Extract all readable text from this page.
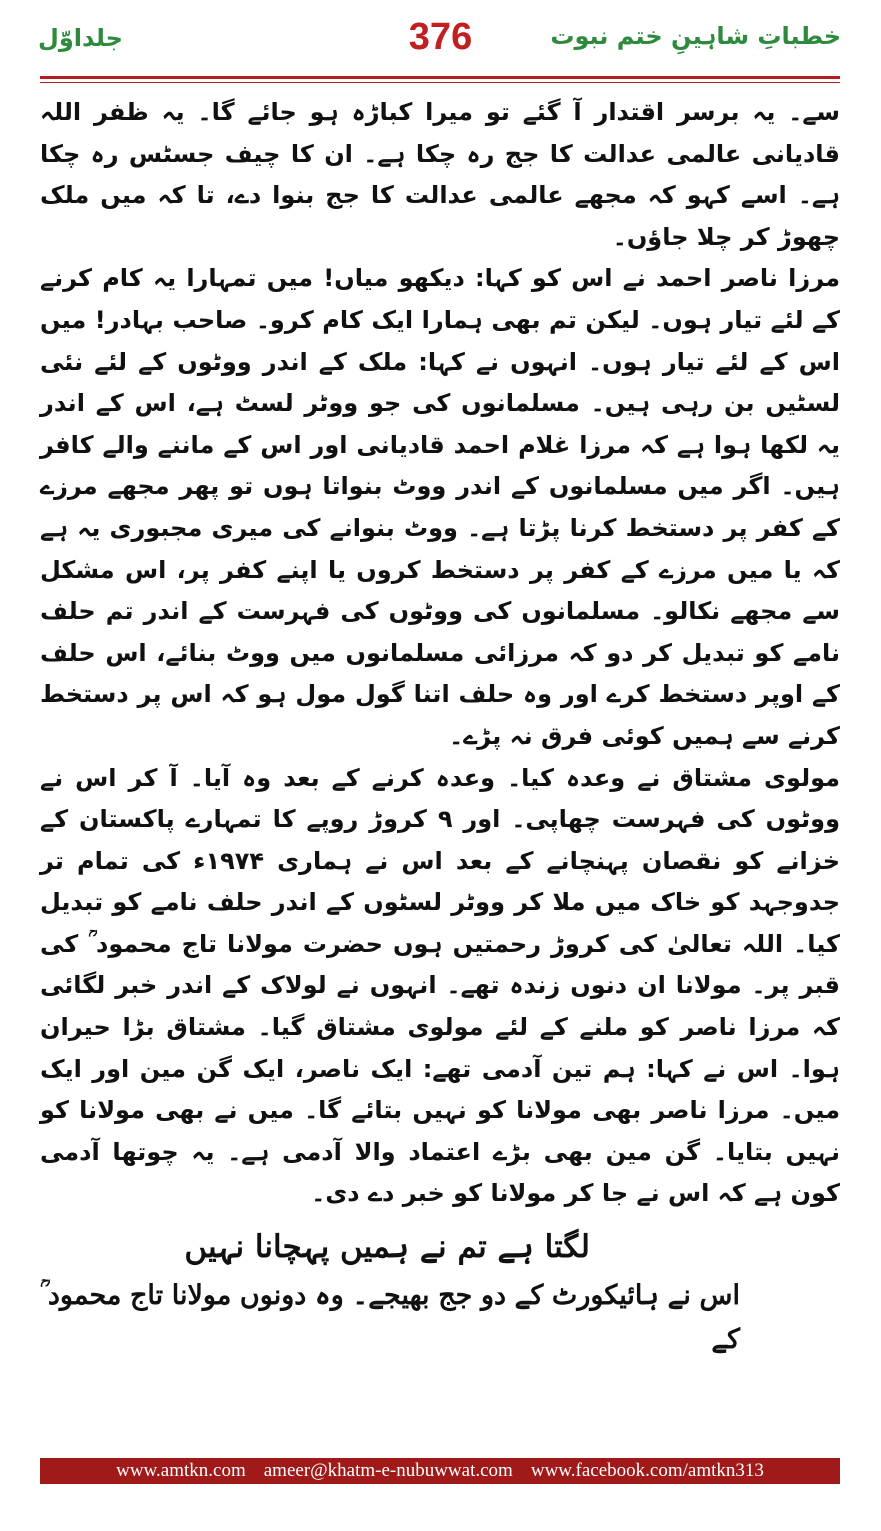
جلداوّل	376	خطباتِ شاہینِ ختم نبوت

سے۔ یہ برسر اقتدار آ گئے تو میرا کباڑہ ہو جائے گا۔ یہ ظفر اللہ قادیانی عالمی عدالت کا جج رہ چکا ہے۔ ان کا چیف جسٹس رہ چکا ہے۔ اسے کہو کہ مجھے عالمی عدالت کا جج بنوا دے، تا کہ میں ملک چھوڑ کر چلا جاؤں۔

مرزا ناصر احمد نے اس کو کہا: دیکھو میاں! میں تمہارا یہ کام کرنے کے لئے تیار ہوں۔ لیکن تم بھی ہمارا ایک کام کرو۔ صاحب بہادر! میں اس کے لئے تیار ہوں۔ انہوں نے کہا: ملک کے اندر ووٹوں کے لئے نئی لسٹیں بن رہی ہیں۔ مسلمانوں کی جو ووٹر لسٹ ہے، اس کے اندر یہ لکھا ہوا ہے کہ مرزا غلام احمد قادیانی اور اس کے ماننے والے کافر ہیں۔ اگر میں مسلمانوں کے اندر ووٹ بنواتا ہوں تو پھر مجھے مرزے کے کفر پر دستخط کرنا پڑتا ہے۔ ووٹ بنوانے کی میری مجبوری یہ ہے کہ یا میں مرزے کے کفر پر دستخط کروں یا اپنے کفر پر، اس مشکل سے مجھے نکالو۔ مسلمانوں کی ووٹوں کی فہرست کے اندر تم حلف نامے کو تبدیل کر دو کہ مرزائی مسلمانوں میں ووٹ بنائے، اس حلف کے اوپر دستخط کرے اور وہ حلف اتنا گول مول ہو کہ اس پر دستخط کرنے سے ہمیں کوئی فرق نہ پڑے۔

مولوی مشتاق نے وعدہ کیا۔ وعدہ کرنے کے بعد وہ آیا۔ آ کر اس نے ووٹوں کی فہرست چھاپی۔ اور ۹ کروڑ روپے کا تمہارے پاکستان کے خزانے کو نقصان پہنچانے کے بعد اس نے ہماری ۱۹۷۴ء کی تمام تر جدوجہد کو خاک میں ملا کر ووٹر لسٹوں کے اندر حلف نامے کو تبدیل کیا۔ اللہ تعالیٰ کی کروڑ رحمتیں ہوں حضرت مولانا تاج محمود ؒ کی قبر پر۔ مولانا ان دنوں زندہ تھے۔ انہوں نے لولاک کے اندر خبر لگائی کہ مرزا ناصر کو ملنے کے لئے مولوی مشتاق گیا۔ مشتاق بڑا حیران ہوا۔ اس نے کہا: ہم تین آدمی تھے: ایک ناصر، ایک گن مین اور ایک میں۔ مرزا ناصر بھی مولانا کو نہیں بتائے گا۔ میں نے بھی مولانا کو نہیں بتایا۔ گن مین بھی بڑے اعتماد والا آدمی ہے۔ یہ چوتھا آدمی کون ہے کہ اس نے جا کر مولانا کو خبر دے دی۔

لگتا ہے تم نے ہمیں پہچانا نہیں

اس نے ہائیکورٹ کے دو جج بھیجے۔ وہ دونوں مولانا تاج محمود ؒ کے

www.amtkn.com ameer@khatm-e-nubuwwat.com www.facebook.com/amtkn313
